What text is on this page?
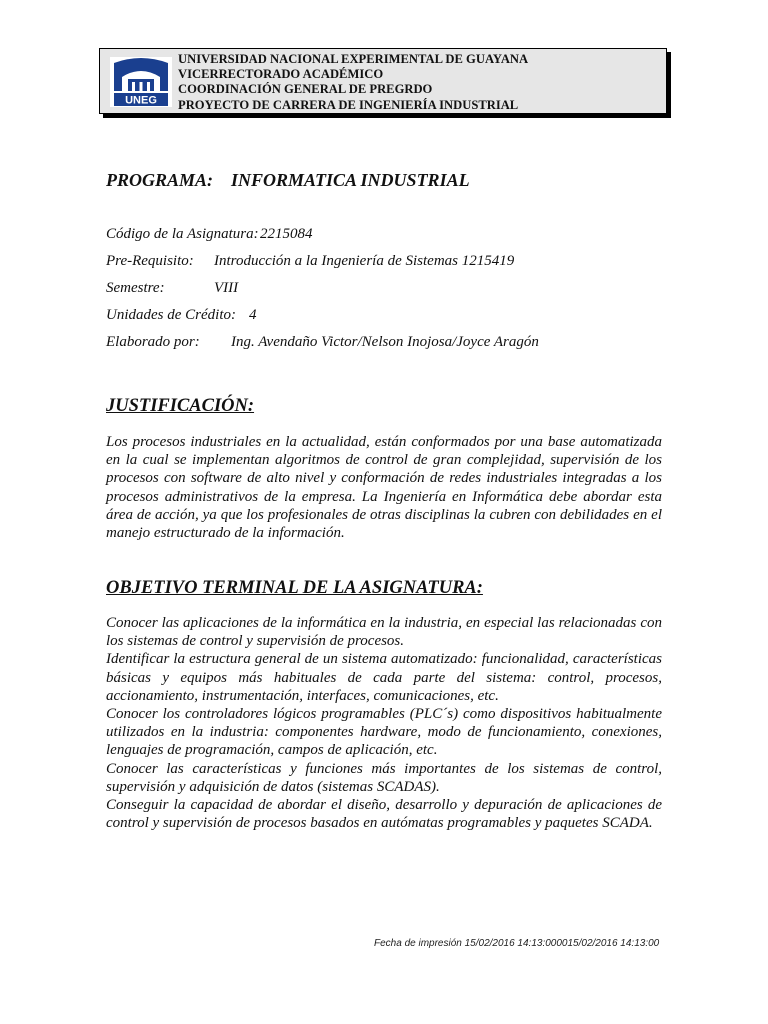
UNEG
UNIVERSIDAD NACIONAL EXPERIMENTAL DE GUAYANA
VICERRECTORADO ACADÉMICO
COORDINACIÓN GENERAL DE PREGRDO
PROYECTO DE CARRERA DE INGENIERÍA INDUSTRIAL
PROGRAMA: INFORMATICA INDUSTRIAL
Código de la Asignatura: 2215084
Pre-Requisito: Introducción a la Ingeniería de Sistemas 1215419
Semestre:	VIII
Unidades de Crédito: 4
Elaborado por: Ing. Avendaño Victor/Nelson Inojosa/Joyce Aragón
JUSTIFICACIÓN:

Los procesos industriales en la actualidad, están conformados por una base automatizada en la cual se implementan algoritmos de control de gran complejidad, supervisión de los procesos con software de alto nivel y conformación de redes industriales integradas a los procesos administrativos de la empresa. La Ingeniería en Informática debe abordar esta área de acción, ya que los profesionales de otras disciplinas la cubren con debilidades en el manejo estructurado de la información.

OBJETIVO TERMINAL DE LA ASIGNATURA:

Conocer las aplicaciones de la informática en la industria, en especial las relacionadas con los sistemas de control y supervisión de procesos.

Identificar la estructura general de un sistema automatizado: funcionalidad, características básicas y equipos más habituales de cada parte del sistema: control, procesos, accionamiento, instrumentación, interfaces, comunicaciones, etc.

Conocer los controladores lógicos programables (PLC´s) como dispositivos habitualmente utilizados en la industria: componentes hardware, modo de funcionamiento, conexiones, lenguajes de programación, campos de aplicación, etc.

Conocer las características y funciones más importantes de los sistemas de control, supervisión y adquisición de datos (sistemas SCADAS).

Conseguir la capacidad de abordar el diseño, desarrollo y depuración de aplicaciones de control y supervisión de procesos basados en autómatas programables y paquetes SCADA.

Fecha de impresión 15/02/2016 14:13:000015/02/2016 14:13:00
